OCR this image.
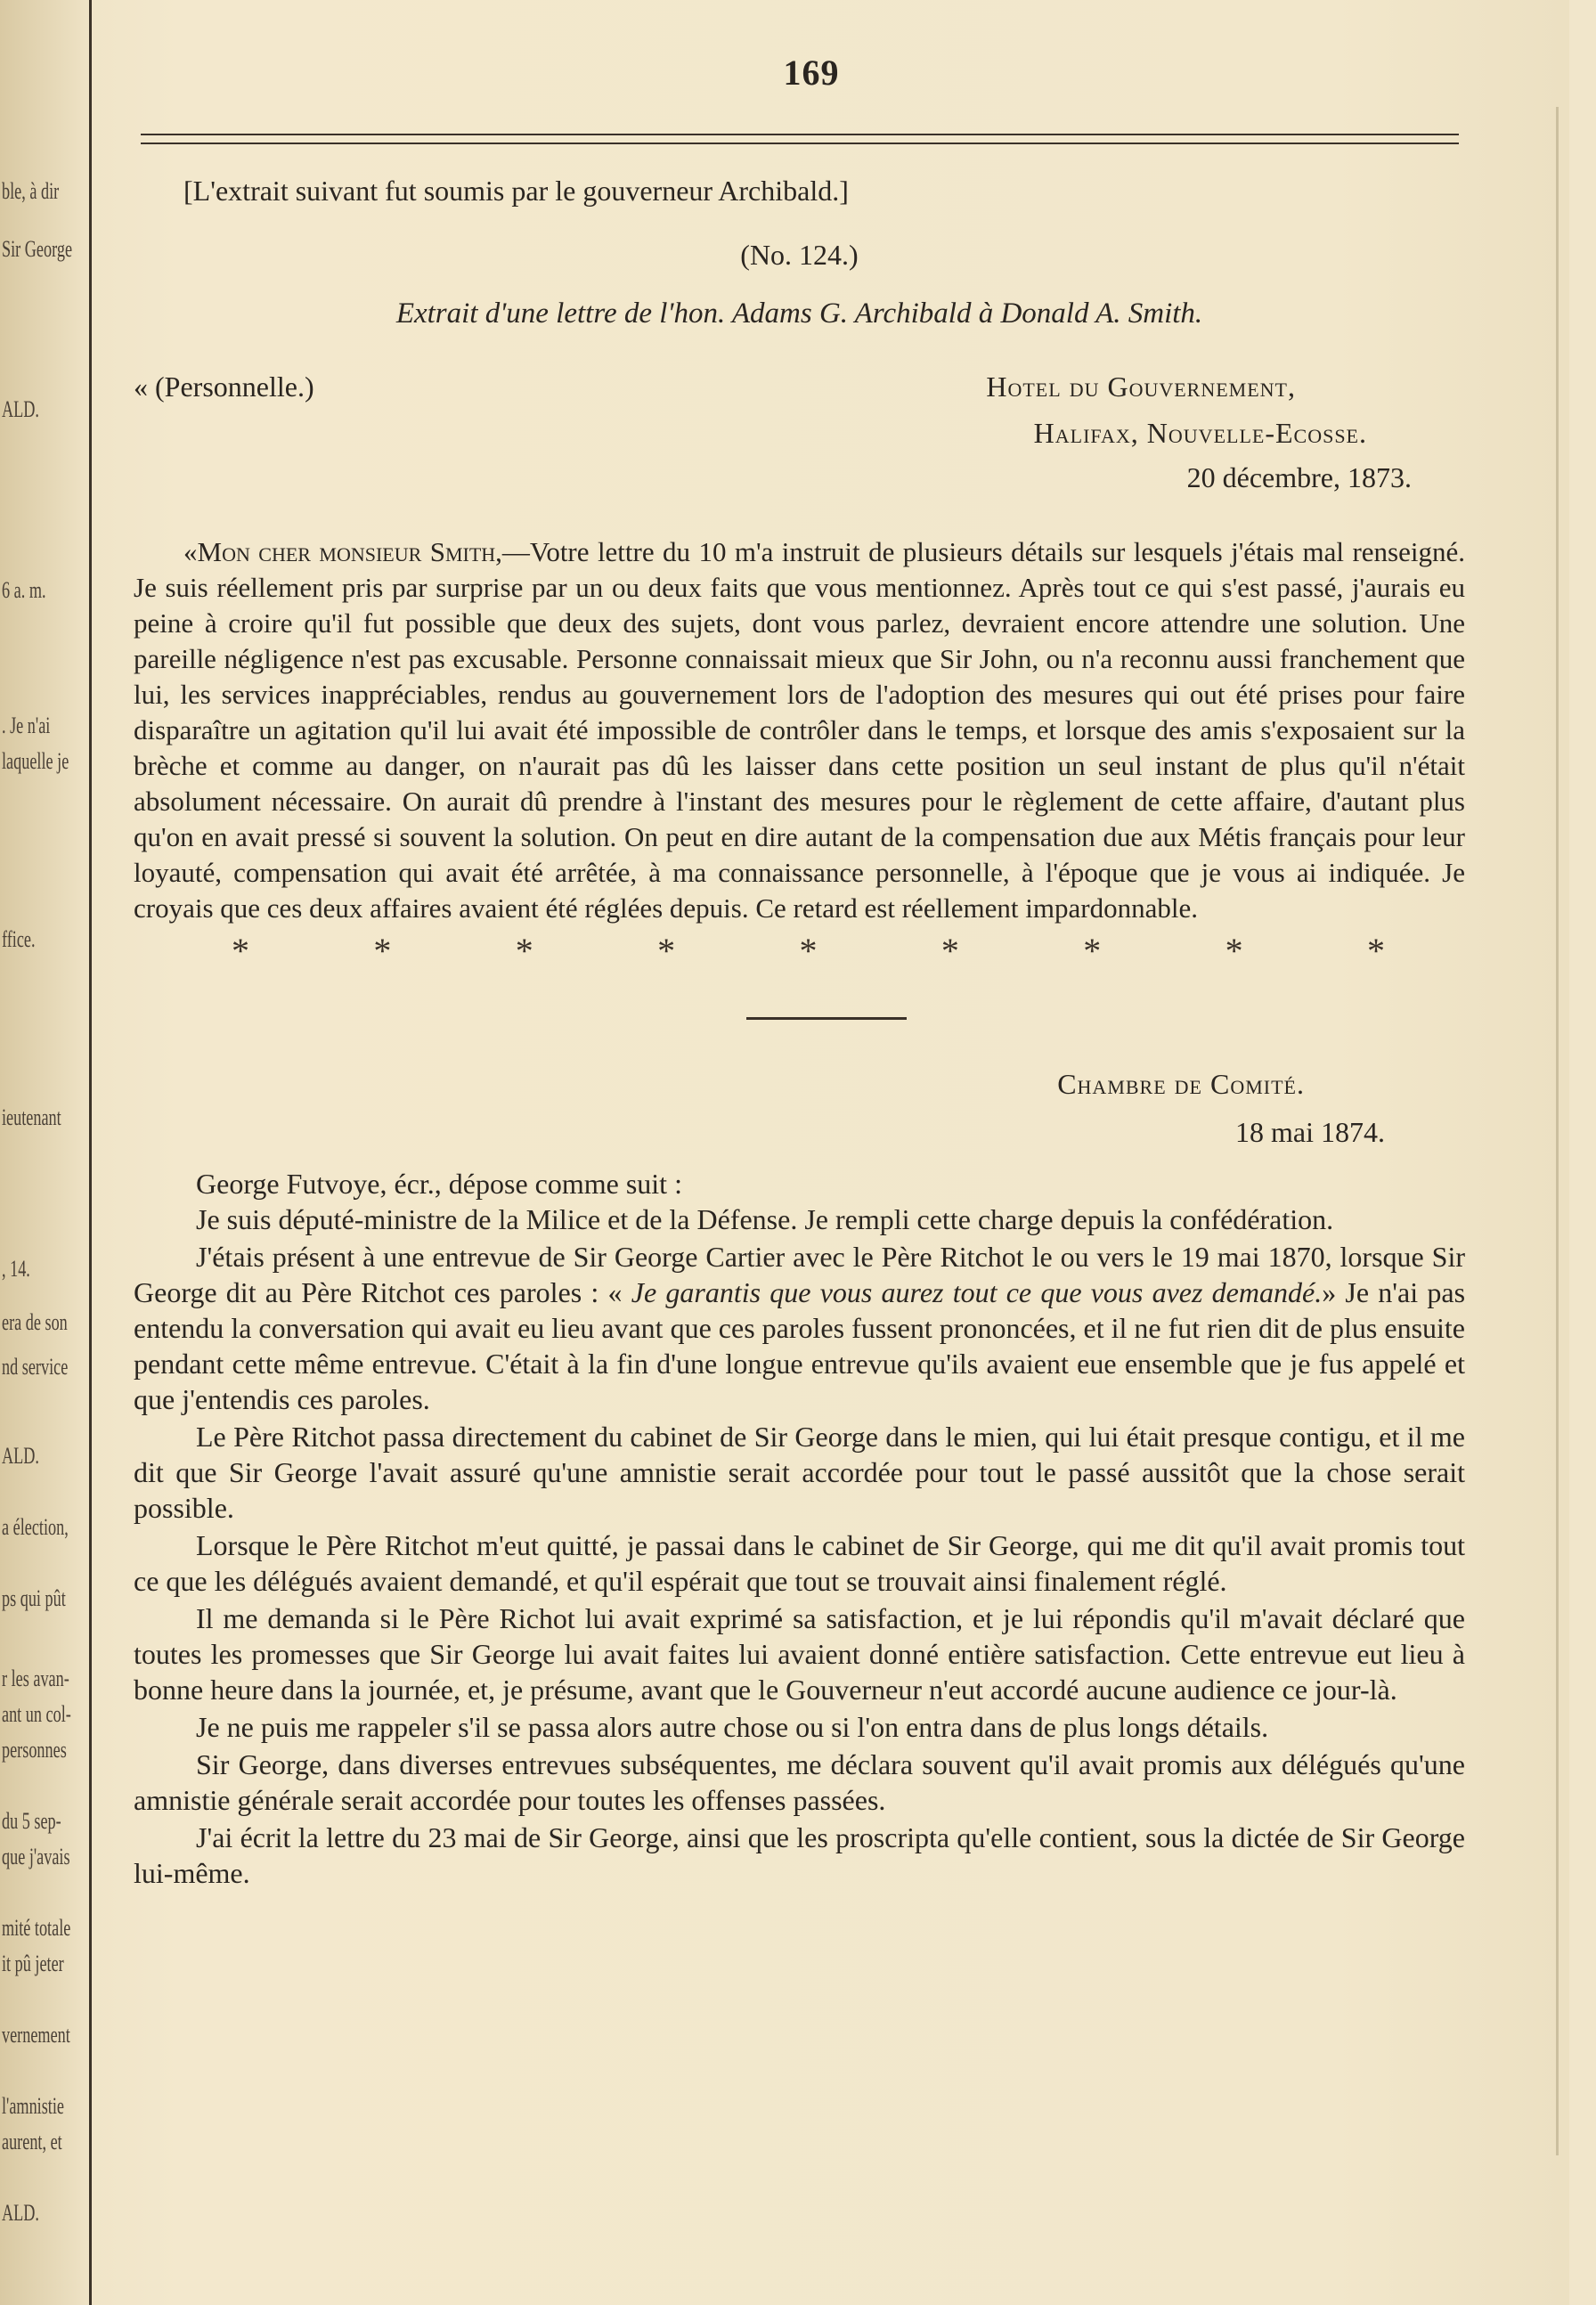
ble, à dir
Sir George
ALD.
6 a. m.
. Je n'ai
laquelle je
ffice.
ieutenant
, 14.
era de son
nd service
ALD.
a élection,
ps qui pût
r les avan-
ant un col-
personnes
du 5 sep-
que j'avais
mité totale
it pû jeter
vernement
l'amnistie
aurent, et
ALD.
169
[L'extrait suivant fut soumis par le gouverneur Archibald.]
(No. 124.)
Extrait d'une lettre de l'hon. Adams G. Archibald à Donald A. Smith.
« (Personnelle.)	Hotel du Gouvernement,
Halifax, Nouvelle-Ecosse.
20 décembre, 1873.

«Mon cher monsieur Smith,—Votre lettre du 10 m'a instruit de plusieurs détails sur lesquels j'étais mal renseigné. Je suis réellement pris par surprise par un ou deux faits que vous mentionnez. Après tout ce qui s'est passé, j'aurais eu peine à croire qu'il fut possible que deux des sujets, dont vous parlez, devraient encore attendre une solution. Une pareille négligence n'est pas excusable. Personne connaissait mieux que Sir John, ou n'a reconnu aussi franchement que lui, les services inappréciables, rendus au gouvernement lors de l'adoption des mesures qui out été prises pour faire disparaître un agitation qu'il lui avait été impossible de contrôler dans le temps, et lorsque des amis s'exposaient sur la brèche et comme au danger, on n'aurait pas dû les laisser dans cette position un seul instant de plus qu'il n'était absolument nécessaire. On aurait dû prendre à l'instant des mesures pour le règlement de cette affaire, d'autant plus qu'on en avait pressé si souvent la solution. On peut en dire autant de la compensation due aux Métis français pour leur loyauté, compensation qui avait été arrêtée, à ma connaissance personnelle, à l'époque que je vous ai indiquée. Je croyais que ces deux affaires avaient été réglées depuis. Ce retard est réellement impardonnable.

*	*	*	*	*	*	*	*	*
Chambre de Comité.
18 mai 1874.
George Futvoye, écr., dépose comme suit :

Je suis député-ministre de la Milice et de la Défense. Je rempli cette charge depuis la confédération.

J'étais présent à une entrevue de Sir George Cartier avec le Père Ritchot le ou vers le 19 mai 1870, lorsque Sir George dit au Père Ritchot ces paroles : « Je garantis que vous aurez tout ce que vous avez demandé.» Je n'ai pas entendu la conversation qui avait eu lieu avant que ces paroles fussent prononcées, et il ne fut rien dit de plus ensuite pendant cette même entrevue. C'était à la fin d'une longue entrevue qu'ils avaient eue ensemble que je fus appelé et que j'entendis ces paroles.

Le Père Ritchot passa directement du cabinet de Sir George dans le mien, qui lui était presque contigu, et il me dit que Sir George l'avait assuré qu'une amnistie serait accordée pour tout le passé aussitôt que la chose serait possible.

Lorsque le Père Ritchot m'eut quitté, je passai dans le cabinet de Sir George, qui me dit qu'il avait promis tout ce que les délégués avaient demandé, et qu'il espérait que tout se trouvait ainsi finalement réglé.

Il me demanda si le Père Richot lui avait exprimé sa satisfaction, et je lui répondis qu'il m'avait déclaré que toutes les promesses que Sir George lui avait faites lui avaient donné entière satisfaction. Cette entrevue eut lieu à bonne heure dans la journée, et, je présume, avant que le Gouverneur n'eut accordé aucune audience ce jour-là.

Je ne puis me rappeler s'il se passa alors autre chose ou si l'on entra dans de plus longs détails.

Sir George, dans diverses entrevues subséquentes, me déclara souvent qu'il avait promis aux délégués qu'une amnistie générale serait accordée pour toutes les offenses passées.

J'ai écrit la lettre du 23 mai de Sir George, ainsi que les proscripta qu'elle contient, sous la dictée de Sir George lui-même.
